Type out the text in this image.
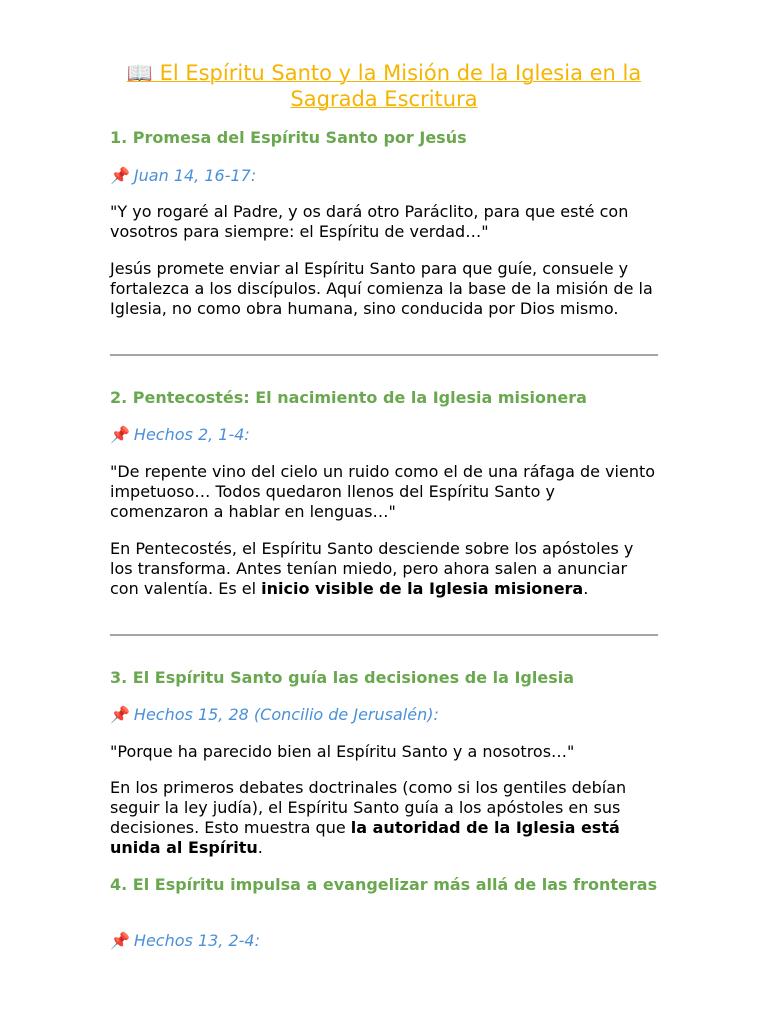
📖 El Espíritu Santo y la Misión de la Iglesia en la Sagrada Escritura
1. Promesa del Espíritu Santo por Jesús
📌 Juan 14, 16-17:
"Y yo rogaré al Padre, y os dará otro Paráclito, para que esté con vosotros para siempre: el Espíritu de verdad…"
Jesús promete enviar al Espíritu Santo para que guíe, consuele y fortalezca a los discípulos. Aquí comienza la base de la misión de la Iglesia, no como obra humana, sino conducida por Dios mismo.
2. Pentecostés: El nacimiento de la Iglesia misionera
📌 Hechos 2, 1-4:
"De repente vino del cielo un ruido como el de una ráfaga de viento impetuoso… Todos quedaron llenos del Espíritu Santo y comenzaron a hablar en lenguas…"
En Pentecostés, el Espíritu Santo desciende sobre los apóstoles y los transforma. Antes tenían miedo, pero ahora salen a anunciar con valentía. Es el inicio visible de la Iglesia misionera.
3. El Espíritu Santo guía las decisiones de la Iglesia
📌 Hechos 15, 28 (Concilio de Jerusalén):
"Porque ha parecido bien al Espíritu Santo y a nosotros…"
En los primeros debates doctrinales (como si los gentiles debían seguir la ley judía), el Espíritu Santo guía a los apóstoles en sus decisiones. Esto muestra que la autoridad de la Iglesia está unida al Espíritu.
4. El Espíritu impulsa a evangelizar más allá de las fronteras
📌 Hechos 13, 2-4:
